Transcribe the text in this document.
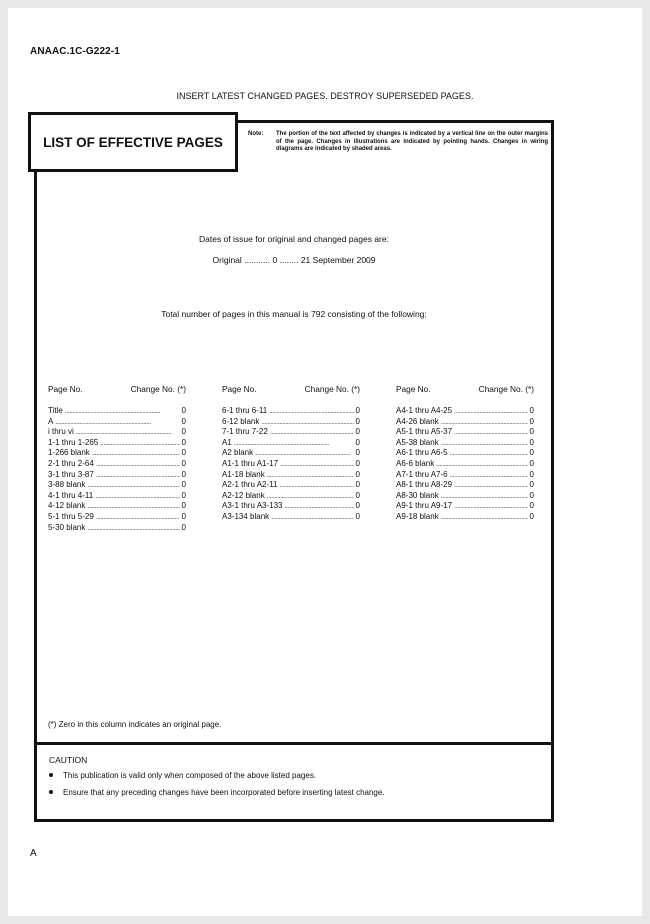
ANAAC.1C-G222-1
INSERT LATEST CHANGED PAGES. DESTROY SUPERSEDED PAGES.
LIST OF EFFECTIVE PAGES
Note:	The portion of the text affected by changes is indicated by a vertical line on the outer margins of the page. Changes in illustrations are indicated by pointing hands. Changes in wiring diagrams are indicated by shaded areas.
Dates of issue for original and changed pages are:
Original ........... 0 ........ 21 September 2009
Total number of pages in this manual is 792 consisting of the following:
Page No.	Change No. (*)
Title . . .	0
A . . .	0
i thru vi . . .	0
1-1 thru 1-265 . . .	0
1-266 blank . . .	0
2-1 thru 2-64 . . .	0
3-1 thru 3-87 . . .	0
3-88 blank . . .	0
4-1 thru 4-11 . . .	0
4-12 blank . . .	0
5-1 thru 5-29 . . .	0
5-30 blank . . .	0
Page No.	Change No. (*)
6-1 thru 6-11 . . .	0
6-12 blank . . .	0
7-1 thru 7-22 . . .	0
A1 . . .	0
A2 blank . . .	0
A1-1 thru A1-17 . . .	0
A1-18 blank . . .	0
A2-1 thru A2-11 . . .	0
A2-12 blank . . .	0
A3-1 thru A3-133 . . .	0
A3-134 blank . . .	0
Page No.	Change No. (*)
A4-1 thru A4-25 . . .	0
A4-26 blank . . .	0
A5-1 thru A5-37 . . .	0
A5-38 blank . . .	0
A6-1 thru A6-5 . . .	0
A6-6 blank . . .	0
A7-1 thru A7-6 . . .	0
A8-1 thru A8-29 . . .	0
A8-30 blank . . .	0
A9-1 thru A9-17 . . .	0
A9-18 blank . . .	0
(*) Zero in this column indicates an original page.
CAUTION
This publication is valid only when composed of the above listed pages.
Ensure that any preceding changes have been incorporated before inserting latest change.
A
